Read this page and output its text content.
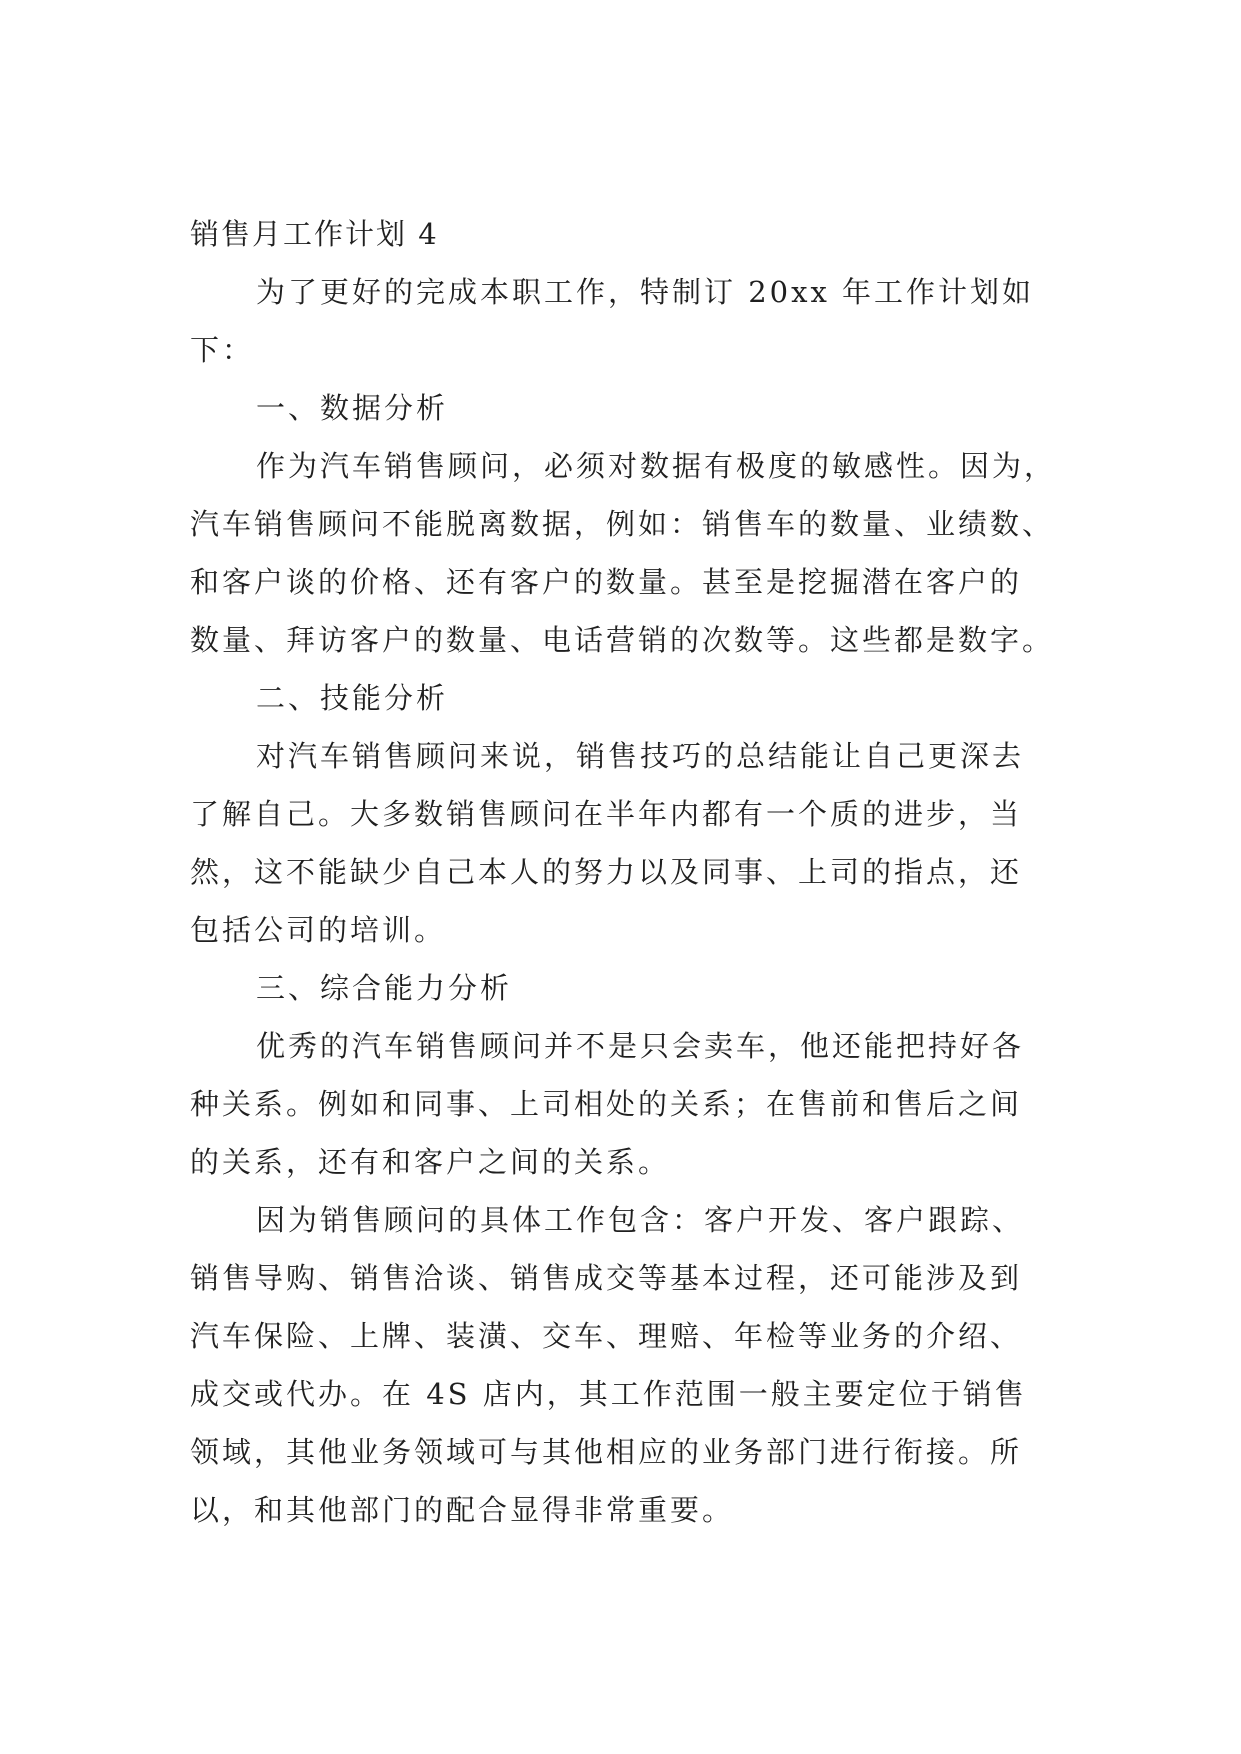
销售月工作计划 4
为了更好的完成本职工作，特制订 20xx 年工作计划如
下：
一、数据分析
作为汽车销售顾问，必须对数据有极度的敏感性。因为，
汽车销售顾问不能脱离数据，例如：销售车的数量、业绩数、
和客户谈的价格、还有客户的数量。甚至是挖掘潜在客户的
数量、拜访客户的数量、电话营销的次数等。这些都是数字。
二、技能分析
对汽车销售顾问来说，销售技巧的总结能让自己更深去
了解自己。大多数销售顾问在半年内都有一个质的进步，当
然，这不能缺少自己本人的努力以及同事、上司的指点，还
包括公司的培训。
三、综合能力分析
优秀的汽车销售顾问并不是只会卖车，他还能把持好各
种关系。例如和同事、上司相处的关系；在售前和售后之间
的关系，还有和客户之间的关系。
因为销售顾问的具体工作包含：客户开发、客户跟踪、
销售导购、销售洽谈、销售成交等基本过程，还可能涉及到
汽车保险、上牌、装潢、交车、理赔、年检等业务的介绍、
成交或代办。在 4S 店内，其工作范围一般主要定位于销售
领域，其他业务领域可与其他相应的业务部门进行衔接。所
以，和其他部门的配合显得非常重要。
